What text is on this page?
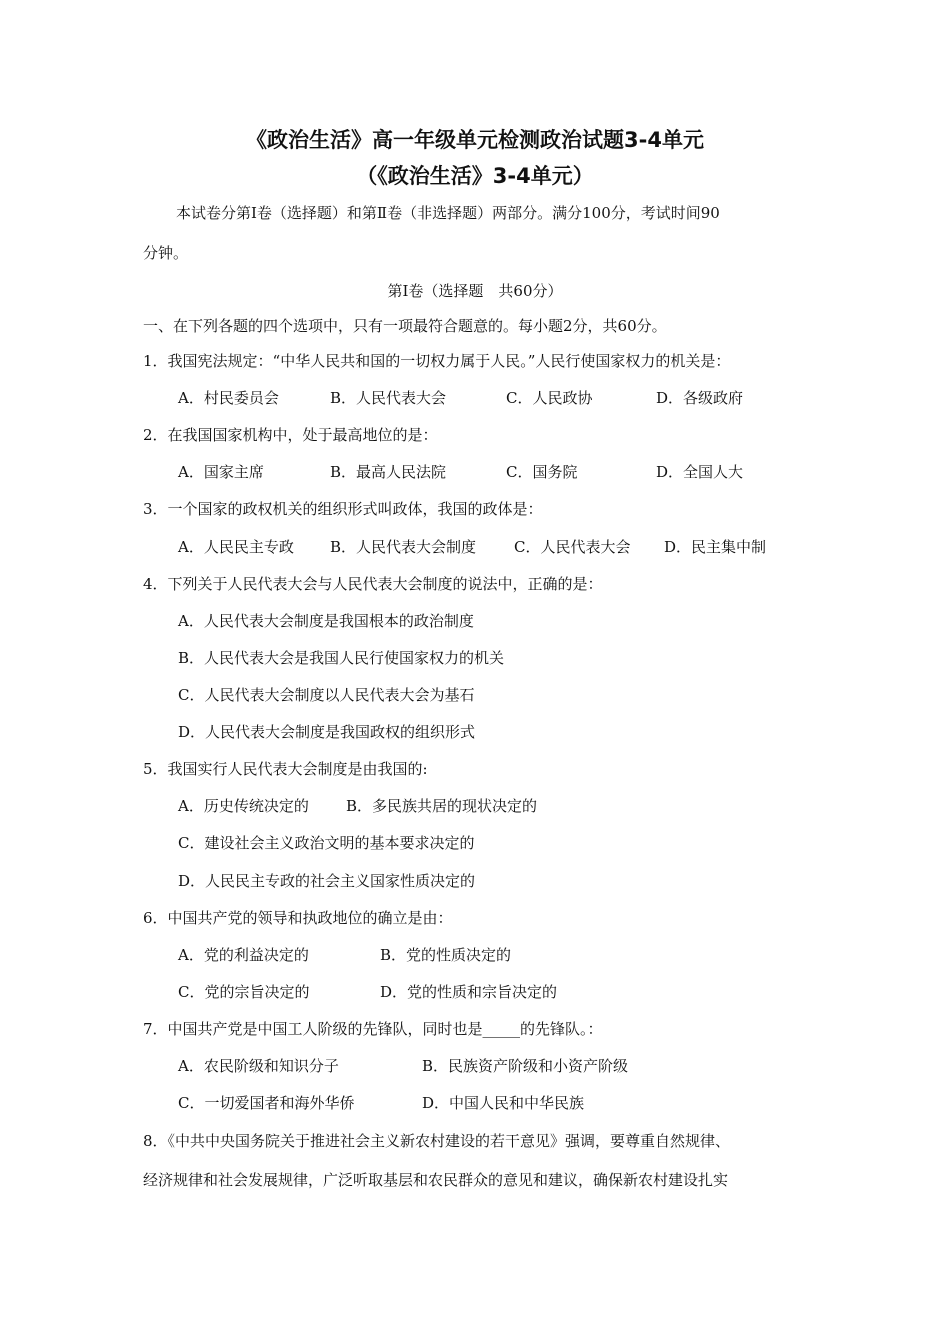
《政治生活》高一年级单元检测政治试题3-4单元
（《政治生活》3-4单元）
本试卷分第Ⅰ卷（选择题）和第Ⅱ卷（非选择题）两部分。满分100分，考试时间90
分钟。
第Ⅰ卷（选择题　共60分）
一、在下列各题的四个选项中，只有一项最符合题意的。每小题2分，共60分。
1．我国宪法规定：“中华人民共和国的一切权力属于人民。”人民行使国家权力的机关是：
A．村民委员会	B．人民代表大会	C．人民政协	D．各级政府
2．在我国国家机构中，处于最高地位的是：
A．国家主席	B．最高人民法院	C．国务院	D．全国人大
3．一个国家的政权机关的组织形式叫政体，我国的政体是：
A．人民民主专政 B．人民代表大会制度	C．人民代表大会 D．民主集中制
4．下列关于人民代表大会与人民代表大会制度的说法中，正确的是：
A．人民代表大会制度是我国根本的政治制度
B．人民代表大会是我国人民行使国家权力的机关
C．人民代表大会制度以人民代表大会为基石
D．人民代表大会制度是我国政权的组织形式
5．我国实行人民代表大会制度是由我国的:
A．历史传统决定的 B．多民族共居的现状决定的
C．建设社会主义政治文明的基本要求决定的
D．人民民主专政的社会主义国家性质决定的
6．中国共产党的领导和执政地位的确立是由：
A．党的利益决定的	B．党的性质决定的
C．党的宗旨决定的	D．党的性质和宗旨决定的
7．中国共产党是中国工人阶级的先锋队，同时也是_____的先锋队。：
A．农民阶级和知识分子	B．民族资产阶级和小资产阶级
C．一切爱国者和海外华侨	D．中国人民和中华民族
8．《中共中央国务院关于推进社会主义新农村建设的若干意见》强调，要尊重自然规律、
经济规律和社会发展规律，广泛听取基层和农民群众的意见和建议，确保新农村建设扎实
